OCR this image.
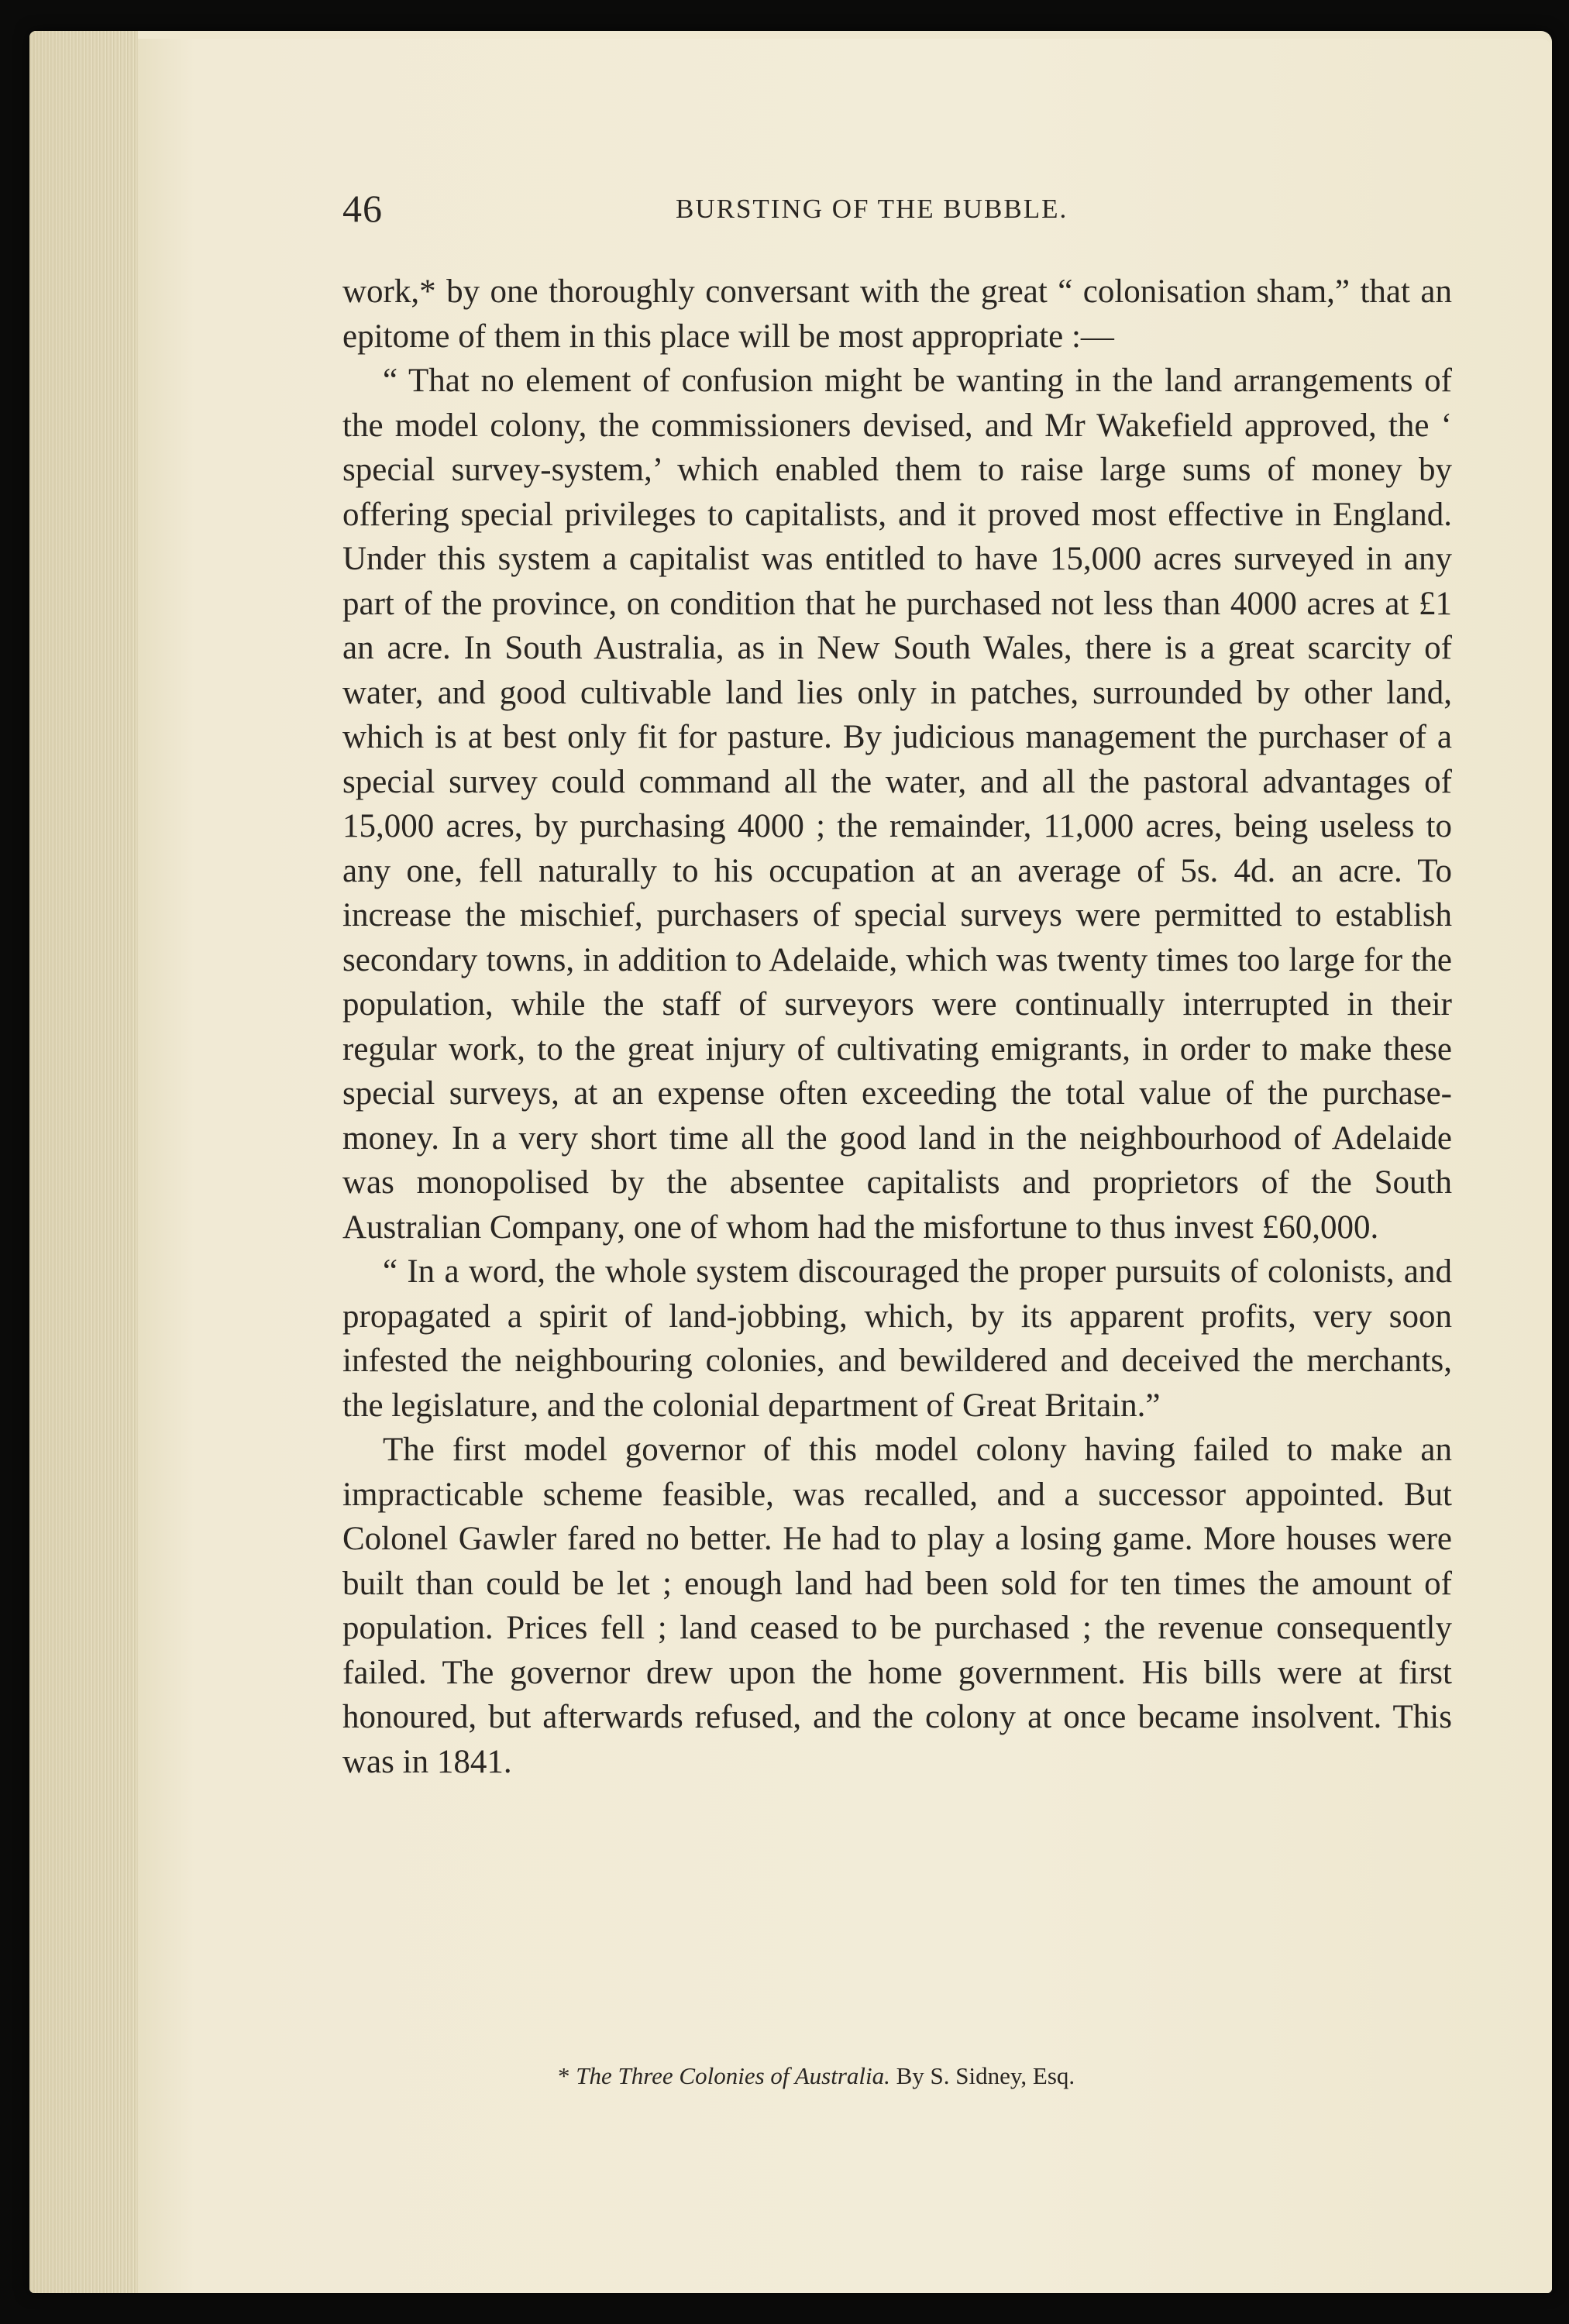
46	BURSTING OF THE BUBBLE.

work,* by one thoroughly conversant with the great “ colonisation sham,” that an epitome of them in this place will be most appropriate :—

“ That no element of confusion might be wanting in the land arrangements of the model colony, the commissioners devised, and Mr Wakefield approved, the ‘ special survey-system,’ which enabled them to raise large sums of money by offering special privileges to capitalists, and it proved most effective in England. Under this system a capitalist was entitled to have 15,000 acres surveyed in any part of the province, on condition that he purchased not less than 4000 acres at £1 an acre. In South Australia, as in New South Wales, there is a great scarcity of water, and good cultivable land lies only in patches, surrounded by other land, which is at best only fit for pasture. By judicious management the purchaser of a special survey could command all the water, and all the pastoral advantages of 15,000 acres, by purchasing 4000 ; the remainder, 11,000 acres, being useless to any one, fell naturally to his occupation at an average of 5s. 4d. an acre. To increase the mischief, purchasers of special surveys were permitted to establish secondary towns, in addition to Adelaide, which was twenty times too large for the population, while the staff of surveyors were continually interrupted in their regular work, to the great injury of cultivating emigrants, in order to make these special surveys, at an expense often exceeding the total value of the purchase-money. In a very short time all the good land in the neighbourhood of Adelaide was monopolised by the absentee capitalists and proprietors of the South Australian Company, one of whom had the misfortune to thus invest £60,000.

“ In a word, the whole system discouraged the proper pursuits of colonists, and propagated a spirit of land-jobbing, which, by its apparent profits, very soon infested the neighbouring colonies, and bewildered and deceived the merchants, the legislature, and the colonial department of Great Britain.”

The first model governor of this model colony having failed to make an impracticable scheme feasible, was recalled, and a successor appointed. But Colonel Gawler fared no better. He had to play a losing game. More houses were built than could be let ; enough land had been sold for ten times the amount of population. Prices fell ; land ceased to be purchased ; the revenue consequently failed. The governor drew upon the home government. His bills were at first honoured, but afterwards refused, and the colony at once became insolvent. This was in 1841.

* The Three Colonies of Australia. By S. Sidney, Esq.
